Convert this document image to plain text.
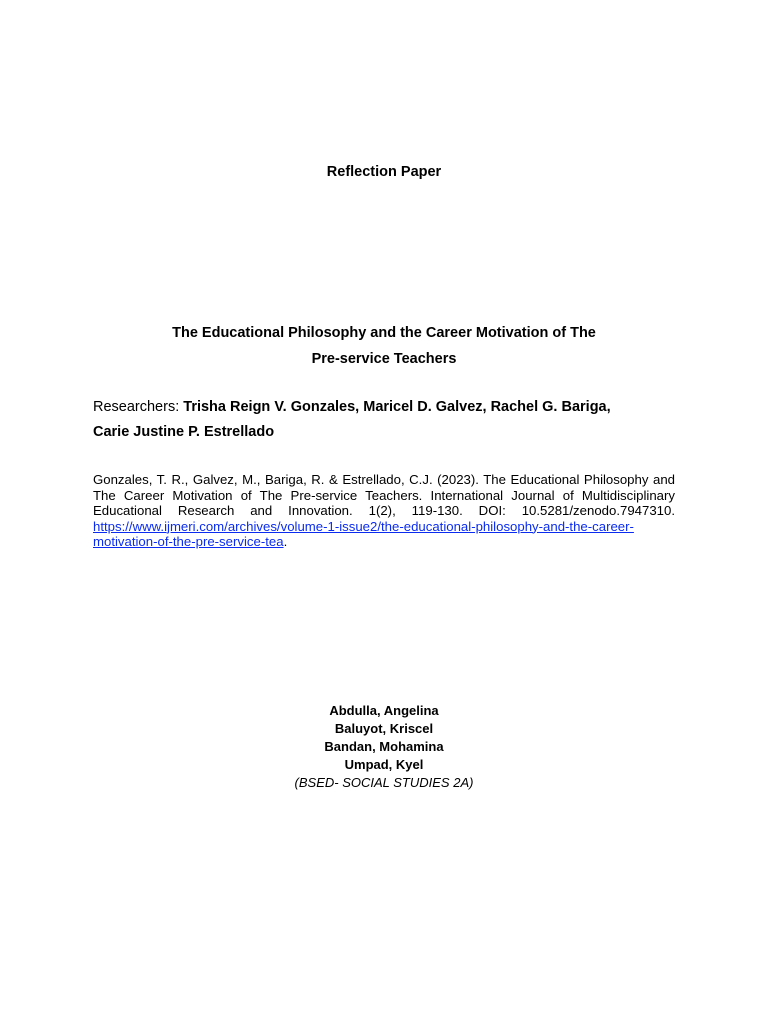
Reflection Paper
The Educational Philosophy and the Career Motivation of The
Pre-service Teachers
Researchers: Trisha Reign V. Gonzales, Maricel D. Galvez, Rachel G. Bariga,
Carie Justine P. Estrellado
Gonzales, T. R., Galvez, M., Bariga, R. & Estrellado, C.J. (2023). The Educational Philosophy and The Career Motivation of The Pre-service Teachers. International Journal of Multidisciplinary Educational Research and Innovation. 1(2), 119-130. DOI: 10.5281/zenodo.7947310. https://www.ijmeri.com/archives/volume-1-issue2/the-educational-philosophy-and-the-career-motivation-of-the-pre-service-tea.
Abdulla, Angelina
Baluyot, Kriscel
Bandan, Mohamina
Umpad, Kyel
(BSED- SOCIAL STUDIES 2A)
